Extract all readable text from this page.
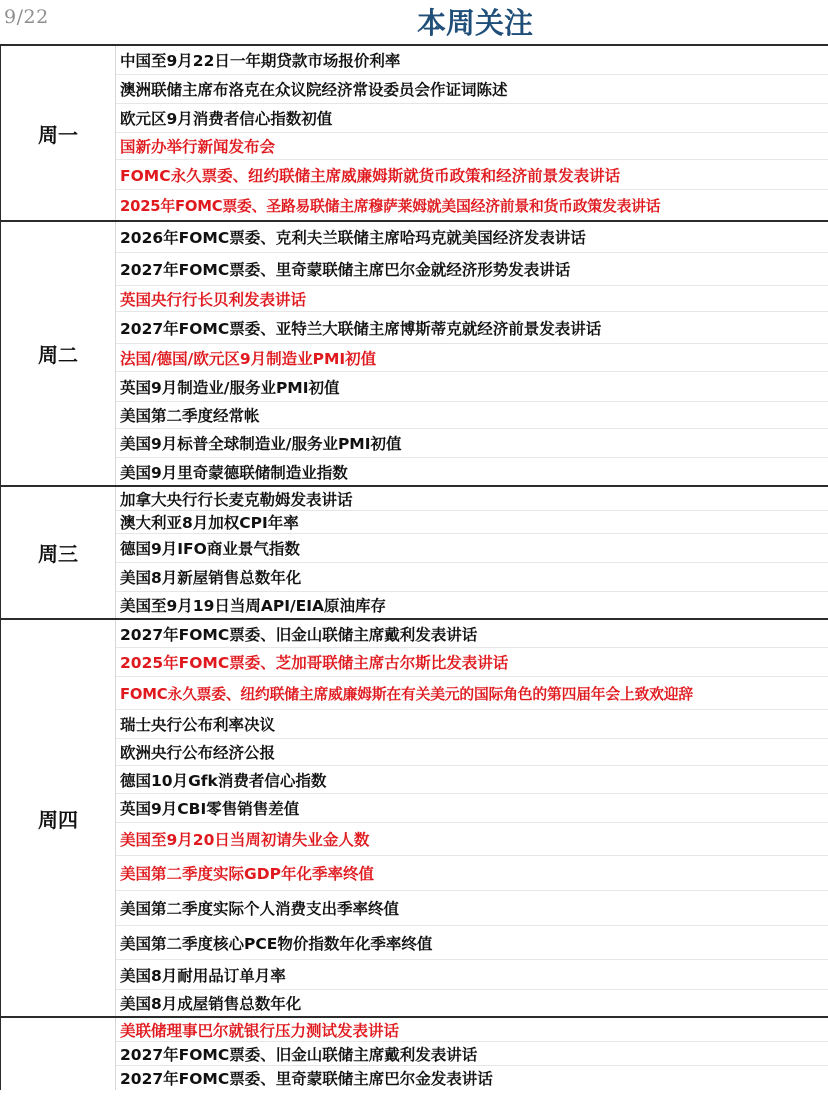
9/22	本周关注
周一
中国至9月22日一年期贷款市场报价利率
澳洲联储主席布洛克在众议院经济常设委员会作证词陈述
欧元区9月消费者信心指数初值
国新办举行新闻发布会
FOMC永久票委、纽约联储主席威廉姆斯就货币政策和经济前景发表讲话
2025年FOMC票委、圣路易联储主席穆萨莱姆就美国经济前景和货币政策发表讲话
周二
2026年FOMC票委、克利夫兰联储主席哈玛克就美国经济发表讲话
2027年FOMC票委、里奇蒙联储主席巴尔金就经济形势发表讲话
英国央行行长贝利发表讲话
2027年FOMC票委、亚特兰大联储主席博斯蒂克就经济前景发表讲话
法国/德国/欧元区9月制造业PMI初值
英国9月制造业/服务业PMI初值
美国第二季度经常帐
美国9月标普全球制造业/服务业PMI初值
美国9月里奇蒙德联储制造业指数
周三
加拿大央行行长麦克勒姆发表讲话
澳大利亚8月加权CPI年率
德国9月IFO商业景气指数
美国8月新屋销售总数年化
美国至9月19日当周API/EIA原油库存
周四
2027年FOMC票委、旧金山联储主席戴利发表讲话
2025年FOMC票委、芝加哥联储主席古尔斯比发表讲话
FOMC永久票委、纽约联储主席威廉姆斯在有关美元的国际角色的第四届年会上致欢迎辞
瑞士央行公布利率决议
欧洲央行公布经济公报
德国10月Gfk消费者信心指数
英国9月CBI零售销售差值
美国至9月20日当周初请失业金人数
美国第二季度实际GDP年化季率终值
美国第二季度实际个人消费支出季率终值
美国第二季度核心PCE物价指数年化季率终值
美国8月耐用品订单月率
美国8月成屋销售总数年化
美联储理事巴尔就银行压力测试发表讲话
2027年FOMC票委、旧金山联储主席戴利发表讲话
2027年FOMC票委、里奇蒙联储主席巴尔金发表讲话
